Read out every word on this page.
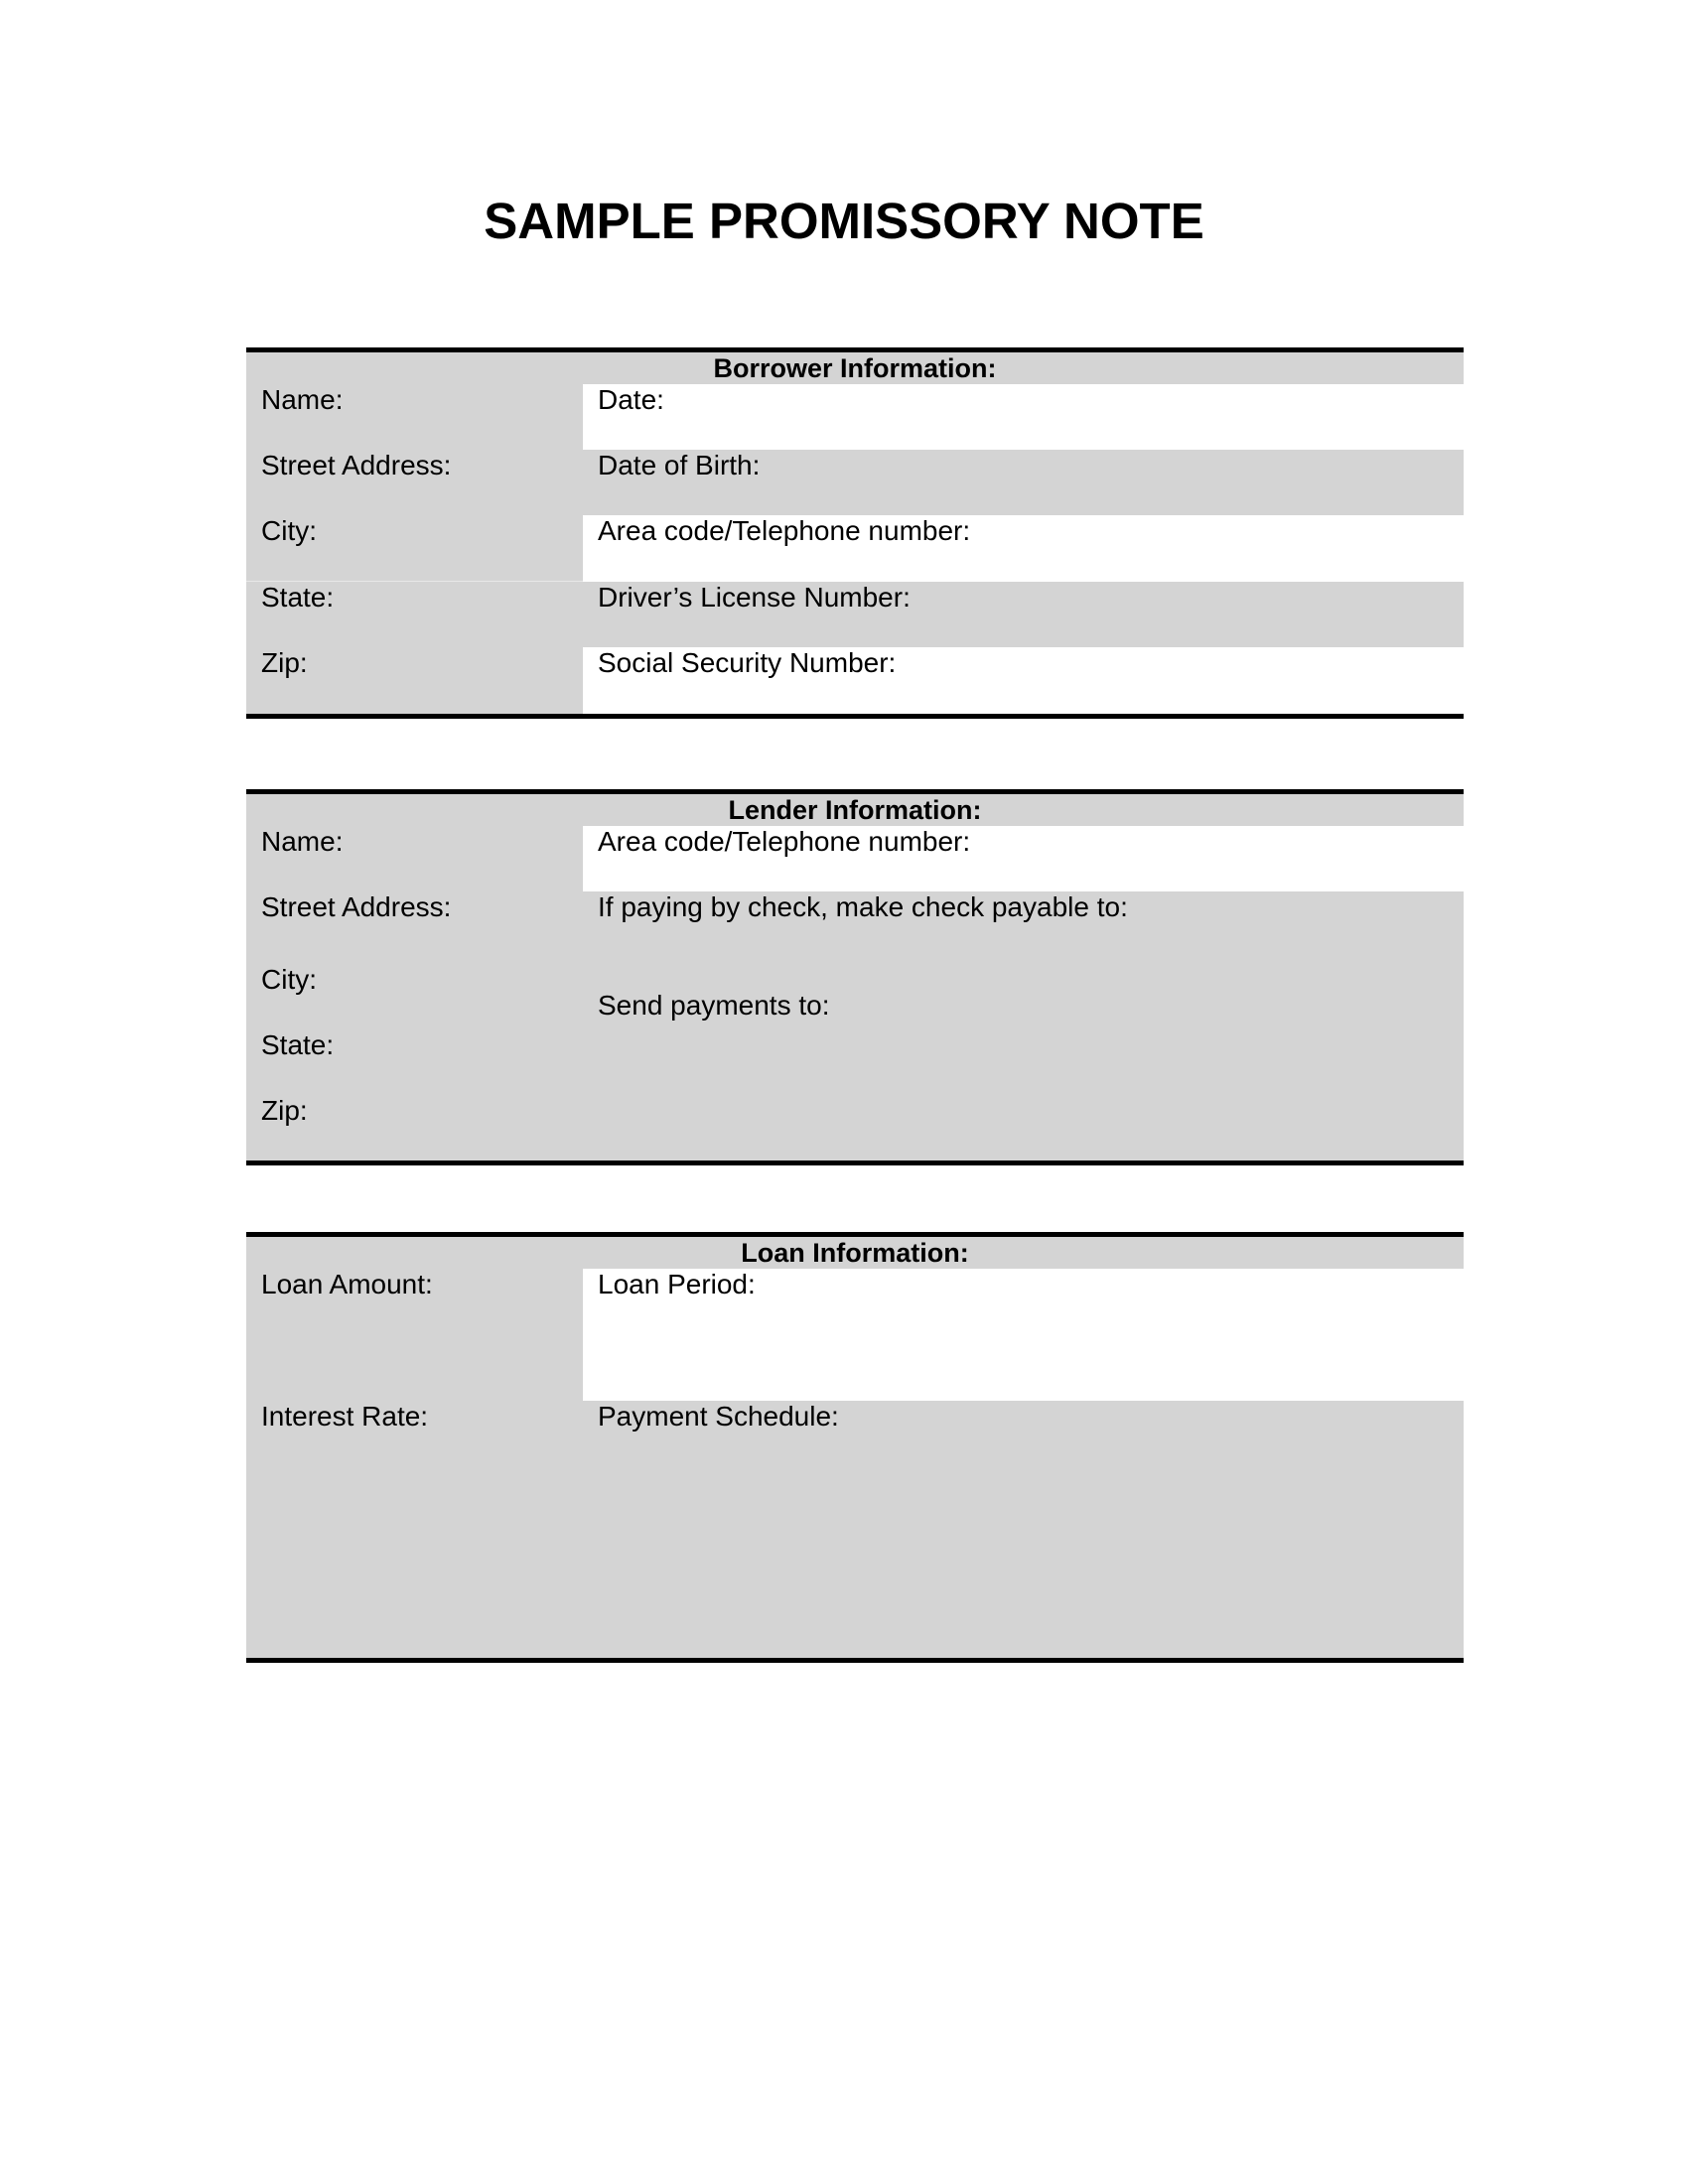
SAMPLE PROMISSORY NOTE
Borrower Information:
Name:
Street Address:
City:
State:
Zip:
Date:
Date of Birth:
Area code/Telephone number:
Driver’s License Number:
Social Security Number:
Lender Information:
Name:
Street Address:
City:
State:
Zip:
Area code/Telephone number:
If paying by check, make check payable to:
Send payments to:
Loan Information:
Loan Amount:
Interest Rate:
Loan Period:
Payment Schedule:
